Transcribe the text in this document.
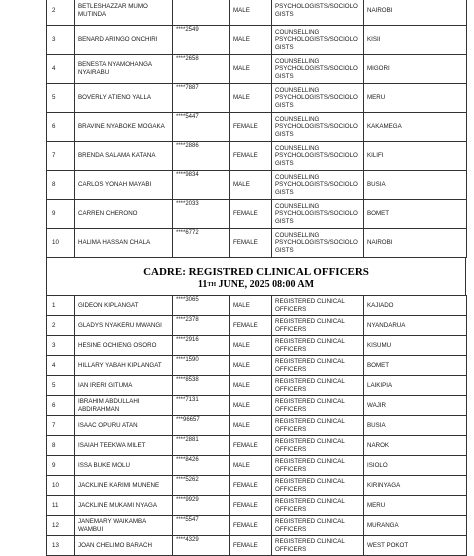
2	BETLESHAZZAR MUMO MUTINDA		MALE	PSYCHOLOGISTS/SOCIOLO GISTS	NAIROBI
3	BENARD ARINGO ONCHIRI	****2549	MALE	COUNSELLING PSYCHOLOGISTS/SOCIOLO GISTS	KISII
4	BENESTA NYAMOHANGA NYAIRABU	****2658	MALE	COUNSELLING PSYCHOLOGISTS/SOCIOLO GISTS	MIGORI
5	BOVERLY ATIENO YALLA	****7887	MALE	COUNSELLING PSYCHOLOGISTS/SOCIOLO GISTS	MERU
6	BRAVINE NYABOKE MOGAKA	****5447	FEMALE	COUNSELLING PSYCHOLOGISTS/SOCIOLO GISTS	KAKAMEGA
7	BRENDA SALAMA KATANA	****2886	FEMALE	COUNSELLING PSYCHOLOGISTS/SOCIOLO GISTS	KILIFI
8	CARLOS YONAH MAYABI	****9834	MALE	COUNSELLING PSYCHOLOGISTS/SOCIOLO GISTS	BUSIA
9	CARREN CHERONO	****2033	FEMALE	COUNSELLING PSYCHOLOGISTS/SOCIOLO GISTS	BOMET
10	HALIMA HASSAN CHALA	****6772	FEMALE	COUNSELLING PSYCHOLOGISTS/SOCIOLO GISTS	NAIROBI
CADRE: REGISTRED CLINICAL OFFICERS
11TH JUNE, 2025 08:00 AM
1	GIDEON KIPLANGAT	****3065	MALE	REGISTERED CLINICAL OFFICERS	KAJIADO
2	GLADYS NYAKERU MWANGI	****2378	FEMALE	REGISTERED CLINICAL OFFICERS	NYANDARUA
3	HESINE OCHIENG OSORO	****2916	MALE	REGISTERED CLINICAL OFFICERS	KISUMU
4	HILLARY YABAH KIPLANGAT	****1590	MALE	REGISTERED CLINICAL OFFICERS	BOMET
5	IAN IRERI GITUMA	****8538	MALE	REGISTERED CLINICAL OFFICERS	LAIKIPIA
6	IBRAHIM ABDULLAHI ABDIRAHMAN	****7131	MALE	REGISTERED CLINICAL OFFICERS	WAJIR
7	ISAAC OPURU ATAN	***96657	MALE	REGISTERED CLINICAL OFFICERS	BUSIA
8	ISAIAH TEEKWA MILET	****2881	FEMALE	REGISTERED CLINICAL OFFICERS	NAROK
9	ISSA BUKE MOLU	****8426	MALE	REGISTERED CLINICAL OFFICERS	ISIOLO
10	JACKLINE KARIMI MUNENE	****5262	FEMALE	REGISTERED CLINICAL OFFICERS	KIRINYAGA
11	JACKLINE MUKAMI NYAGA	****9929	FEMALE	REGISTERED CLINICAL OFFICERS	MERU
12	JANEMARY WAIKAMBA WAMBUI	****5547	FEMALE	REGISTERED CLINICAL OFFICERS	MURANGA
13	JOAN CHELIMO BARACH	****4329	FEMALE	REGISTERED CLINICAL OFFICERS	WEST POKOT
